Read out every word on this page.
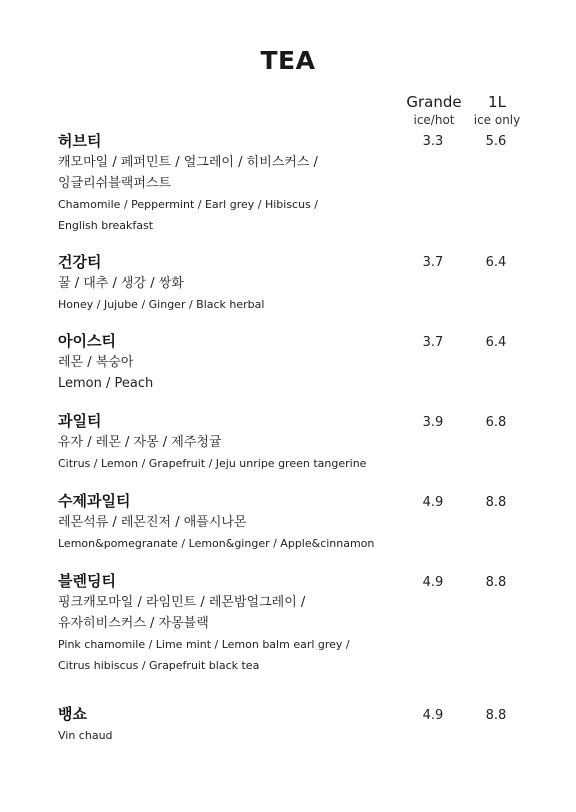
TEA
Grande
ice/hot
1L
ice only
허브티
캐모마일 / 페퍼민트 / 얼그레이 / 히비스커스 /
잉글리쉬블랙퍼스트
Chamomile / Peppermint / Earl grey / Hibiscus /
English breakfast
3.3	5.6
건강티
꿀 / 대추 / 생강 / 쌍화
Honey / Jujube / Ginger / Black herbal
3.7	6.4
아이스티
레몬 / 복숭아
Lemon / Peach
3.7	6.4
과일티
유자 / 레몬 / 자몽 / 제주청귤
Citrus / Lemon / Grapefruit / Jeju unripe green tangerine
3.9	6.8
수제과일티
레몬석류 / 레몬진저 / 애플시나몬
Lemon&pomegranate / Lemon&ginger / Apple&cinnamon
4.9	8.8
블렌딩티
핑크캐모마일 / 라임민트 / 레몬밤얼그레이 /
유자히비스커스 / 자몽블랙
Pink chamomile / Lime mint / Lemon balm earl grey /
Citrus hibiscus / Grapefruit black tea
4.9	8.8
뱅쇼
Vin chaud
4.9	8.8
